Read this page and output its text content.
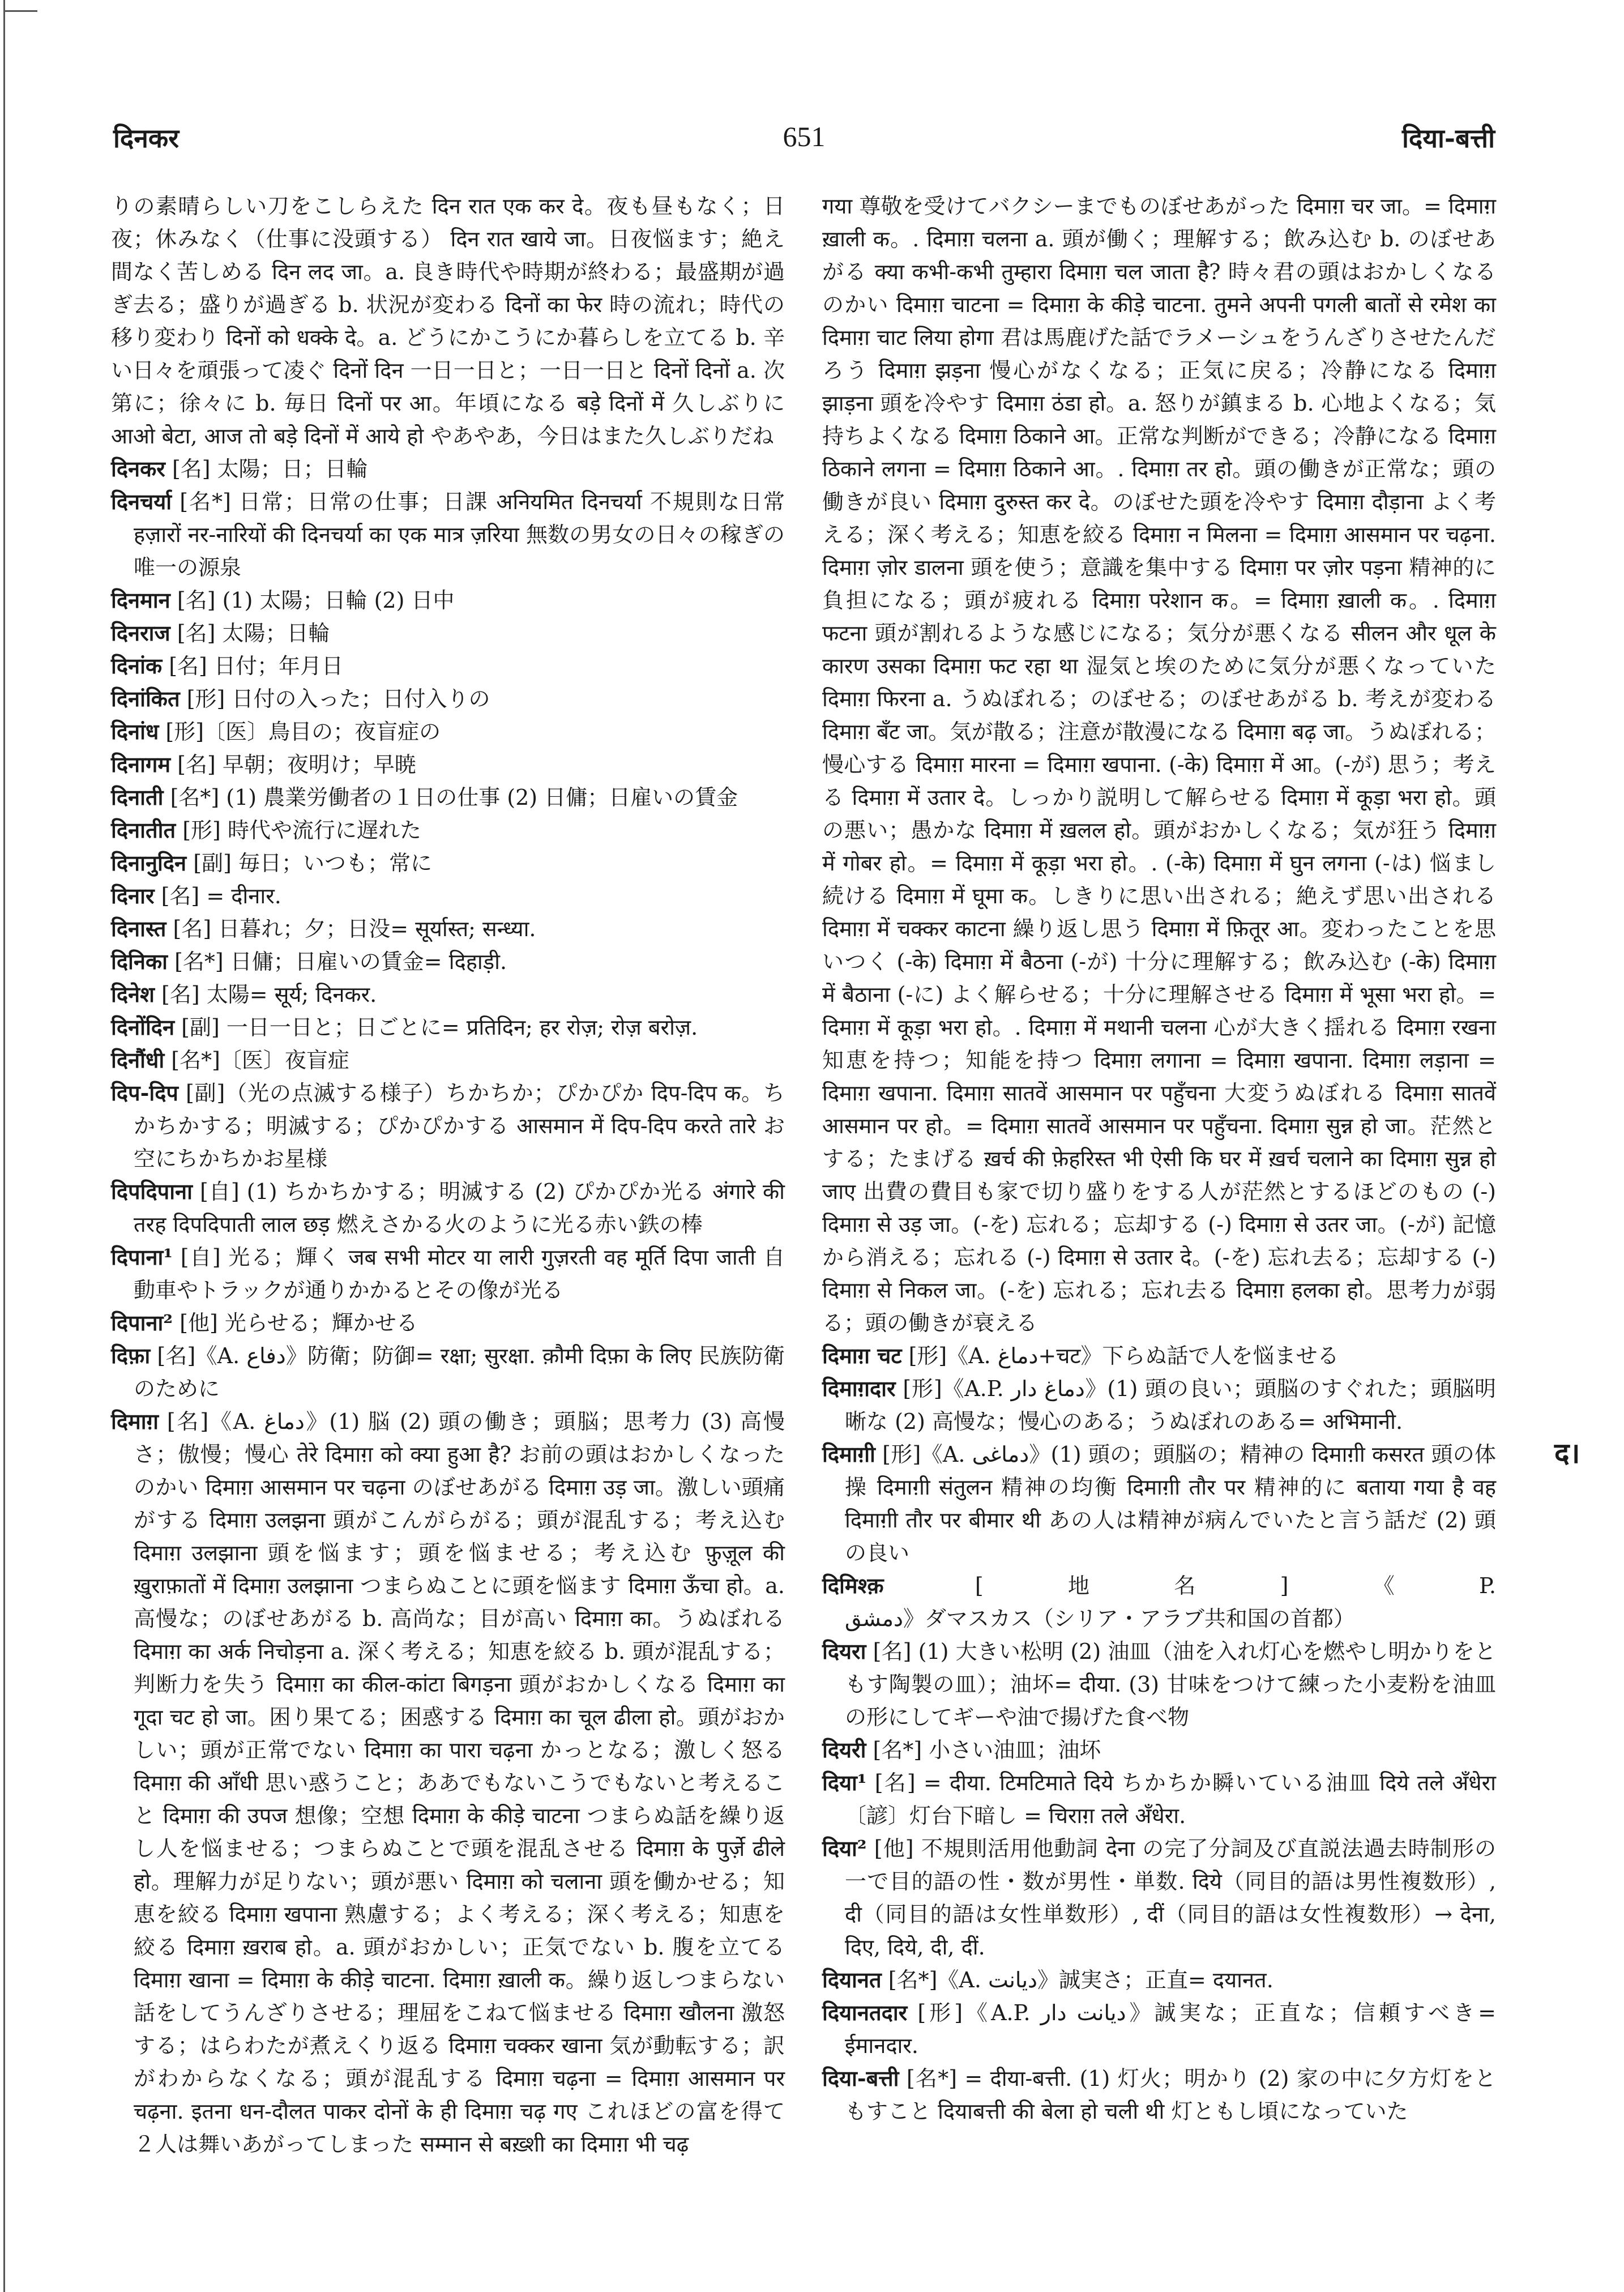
दिनकर	651	दिया-बत्ती

りの素晴らしい刀をこしらえた दिन रात एक कर दे。夜も昼もなく；日夜；休みなく（仕事に没頭する） दिन रात खाये जा。日夜悩ます；絶え間なく苦しめる दिन लद जा。a. 良き時代や時期が終わる；最盛期が過ぎ去る；盛りが過ぎる b. 状況が変わる दिनों का फेर 時の流れ；時代の移り変わり दिनों को धक्के दे。a. どうにかこうにか暮らしを立てる b. 辛い日々を頑張って凌ぐ दिनों दिन 一日一日と；一日一日と दिनों दिनों a. 次第に；徐々に b. 毎日 दिनों पर आ。年頃になる बड़े दिनों में 久しぶりに आओ बेटा, आज तो बड़े दिनों में आये हो やあやあ，今日はまた久しぶりだね

दिनकर [名] 太陽；日；日輪

दिनचर्या [名*] 日常；日常の仕事；日課 अनियमित दिनचर्या 不規則な日常 हज़ारों नर-नारियों की दिनचर्या का एक मात्र ज़रिया 無数の男女の日々の稼ぎの唯一の源泉

दिनमान [名] (1) 太陽；日輪 (2) 日中

दिनराज [名] 太陽；日輪

दिनांक [名] 日付；年月日

दिनांकित [形] 日付の入った；日付入りの

दिनांध [形]〔医〕鳥目の；夜盲症の

दिनागम [名] 早朝；夜明け；早暁

दिनाती [名*] (1) 農業労働者の１日の仕事 (2) 日傭；日雇いの賃金

दिनातीत [形] 時代や流行に遅れた

दिनानुदिन [副] 毎日；いつも；常に

दिनार [名] = दीनार.

दिनास्त [名] 日暮れ；夕；日没= सूर्यास्त; सन्ध्या.

दिनिका [名*] 日傭；日雇いの賃金= दिहाड़ी.

दिनेश [名] 太陽= सूर्य; दिनकर.

दिनोंदिन [副] 一日一日と；日ごとに= प्रतिदिन; हर रोज़; रोज़ बरोज़.

दिनौंधी [名*]〔医〕夜盲症

दिप-दिप [副]（光の点滅する様子）ちかちか；ぴかぴか दिप-दिप क。ちかちかする；明滅する；ぴかぴかする आसमान में दिप-दिप करते तारे お空にちかちかお星様

दिपदिपाना [自] (1) ちかちかする；明滅する (2) ぴかぴか光る अंगारे की तरह दिपदिपाती लाल छड़ 燃えさかる火のように光る赤い鉄の棒

दिपाना¹ [自] 光る；輝く जब सभी मोटर या लारी गुज़रती वह मूर्ति दिपा जाती 自動車やトラックが通りかかるとその像が光る

दिपाना² [他] 光らせる；輝かせる

दिफ़ा [名]《A. دفاع》防衛；防御= रक्षा; सुरक्षा. क़ौमी दिफ़ा के लिए 民族防衛のために

दिमाग़ [名]《A. دماغ》(1) 脳 (2) 頭の働き；頭脳；思考力 (3) 高慢さ；傲慢；慢心 तेरे दिमाग़ को क्या हुआ है? お前の頭はおかしくなったのかい दिमाग़ आसमान पर चढ़ना のぼせあがる दिमाग़ उड़ जा。激しい頭痛がする दिमाग़ उलझना 頭がこんがらがる；頭が混乱する；考え込む दिमाग़ उलझाना 頭を悩ます；頭を悩ませる；考え込む फ़ुज़ूल की ख़ुराफ़ातों में दिमाग़ उलझाना つまらぬことに頭を悩ます दिमाग़ ऊँचा हो。a. 高慢な；のぼせあがる b. 高尚な；目が高い दिमाग़ का。うぬぼれる दिमाग़ का अर्क निचोड़ना a. 深く考える；知恵を絞る b. 頭が混乱する；判断力を失う दिमाग़ का कील-कांटा बिगड़ना 頭がおかしくなる दिमाग़ का गूदा चट हो जा。困り果てる；困惑する दिमाग़ का चूल ढीला हो。頭がおかしい；頭が正常でない दिमाग़ का पारा चढ़ना かっとなる；激しく怒る दिमाग़ की आँधी 思い惑うこと；ああでもないこうでもないと考えること दिमाग़ की उपज 想像；空想 दिमाग़ के कीड़े चाटना つまらぬ話を繰り返し人を悩ませる；つまらぬことで頭を混乱させる दिमाग़ के पुर्ज़े ढीले हो。理解力が足りない；頭が悪い दिमाग़ को चलाना 頭を働かせる；知恵を絞る दिमाग़ खपाना 熟慮する；よく考える；深く考える；知恵を絞る दिमाग़ ख़राब हो。a. 頭がおかしい；正気でない b. 腹を立てる दिमाग़ खाना = दिमाग़ के कीड़े चाटना. दिमाग़ ख़ाली क。繰り返しつまらない話をしてうんざりさせる；理屈をこねて悩ませる दिमाग़ खौलना 激怒する；はらわたが煮えくり返る दिमाग़ चक्कर खाना 気が動転する；訳がわからなくなる；頭が混乱する दिमाग़ चढ़ना = दिमाग़ आसमान पर चढ़ना. इतना धन-दौलत पाकर दोनों के ही दिमाग़ चढ़ गए これほどの富を得て２人は舞いあがってしまった सम्मान से बख़्शी का दिमाग़ भी चढ़

गया 尊敬を受けてバクシーまでものぼせあがった दिमाग़ चर जा。= दिमाग़ ख़ाली क。. दिमाग़ चलना a. 頭が働く；理解する；飲み込む b. のぼせあがる क्या कभी-कभी तुम्हारा दिमाग़ चल जाता है? 時々君の頭はおかしくなるのかい दिमाग़ चाटना = दिमाग़ के कीड़े चाटना. तुमने अपनी पगली बातों से रमेश का दिमाग़ चाट लिया होगा 君は馬鹿げた話でラメーシュをうんざりさせたんだろう दिमाग़ झड़ना 慢心がなくなる；正気に戻る；冷静になる दिमाग़ झाड़ना 頭を冷やす दिमाग़ ठंडा हो。a. 怒りが鎮まる b. 心地よくなる；気持ちよくなる दिमाग़ ठिकाने आ。正常な判断ができる；冷静になる दिमाग़ ठिकाने लगना = दिमाग़ ठिकाने आ。. दिमाग़ तर हो。頭の働きが正常な；頭の働きが良い दिमाग़ दुरुस्त कर दे。のぼせた頭を冷やす दिमाग़ दौड़ाना よく考える；深く考える；知恵を絞る दिमाग़ न मिलना = दिमाग़ आसमान पर चढ़ना. दिमाग़ ज़ोर डालना 頭を使う；意識を集中する दिमाग़ पर ज़ोर पड़ना 精神的に負担になる；頭が疲れる दिमाग़ परेशान क。= दिमाग़ ख़ाली क。. दिमाग़ फटना 頭が割れるような感じになる；気分が悪くなる सीलन और धूल के कारण उसका दिमाग़ फट रहा था 湿気と埃のために気分が悪くなっていた दिमाग़ फिरना a. うぬぼれる；のぼせる；のぼせあがる b. 考えが変わる दिमाग़ बँट जा。気が散る；注意が散漫になる दिमाग़ बढ़ जा。うぬぼれる；慢心する दिमाग़ मारना = दिमाग़ खपाना. (-के) दिमाग़ में आ。(-が) 思う；考える दिमाग़ में उतार दे。しっかり説明して解らせる दिमाग़ में कूड़ा भरा हो。頭の悪い；愚かな दिमाग़ में ख़लल हो。頭がおかしくなる；気が狂う दिमाग़ में गोबर हो。= दिमाग़ में कूड़ा भरा हो。. (-के) दिमाग़ में घुन लगना (-は) 悩まし続ける दिमाग़ में घूमा क。しきりに思い出される；絶えず思い出される दिमाग़ में चक्कर काटना 繰り返し思う दिमाग़ में फ़ितूर आ。変わったことを思いつく (-के) दिमाग़ में बैठना (-が) 十分に理解する；飲み込む (-के) दिमाग़ में बैठाना (-に) よく解らせる；十分に理解させる दिमाग़ में भूसा भरा हो。= दिमाग़ में कूड़ा भरा हो。. दिमाग़ में मथानी चलना 心が大きく揺れる दिमाग़ रखना 知恵を持つ；知能を持つ दिमाग़ लगाना = दिमाग़ खपाना. दिमाग़ लड़ाना = दिमाग़ खपाना. दिमाग़ सातवें आसमान पर पहुँचना 大変うぬぼれる दिमाग़ सातवें आसमान पर हो。= दिमाग़ सातवें आसमान पर पहुँचना. दिमाग़ सुन्न हो जा。茫然とする；たまげる ख़र्च की फ़ेहरिस्त भी ऐसी कि घर में ख़र्च चलाने का दिमाग़ सुन्न हो जाए 出費の費目も家で切り盛りをする人が茫然とするほどのもの (-) दिमाग़ से उड़ जा。(-を) 忘れる；忘却する (-) दिमाग़ से उतर जा。(-が) 記憶から消える；忘れる (-) दिमाग़ से उतार दे。(-を) 忘れ去る；忘却する (-) दिमाग़ से निकल जा。(-を) 忘れる；忘れ去る दिमाग़ हलका हो。思考力が弱る；頭の働きが衰える

दिमाग़ चट [形]《A. دماغ+चट》下らぬ話で人を悩ませる

दिमाग़दार [形]《A.P. دماغ دار》(1) 頭の良い；頭脳のすぐれた；頭脳明晰な (2) 高慢な；慢心のある；うぬぼれのある= अभिमानी.

दिमाग़ी [形]《A. دماغی》(1) 頭の；頭脳の；精神の दिमाग़ी कसरत 頭の体操 दिमाग़ी संतुलन 精神の均衡 दिमाग़ी तौर पर 精神的に बताया गया है वह दिमाग़ी तौर पर बीमार थी あの人は精神が病んでいたと言う話だ (2) 頭の良い

दिमिश्क़	[地名]《P. دمشق》ダマスカス（シリア・アラブ共和国の首都）

दियरा [名] (1) 大きい松明 (2) 油皿（油を入れ灯心を燃やし明かりをともす陶製の皿）；油坏= दीया. (3) 甘味をつけて練った小麦粉を油皿の形にしてギーや油で揚げた食べ物

दियरी [名*] 小さい油皿；油坏

दिया¹ [名] = दीया. टिमटिमाते दिये ちかちか瞬いている油皿 दिये तले अँधेरा〔諺〕灯台下暗し = चिराग़ तले अँधेरा.

दिया² [他] 不規則活用他動詞 देना の完了分詞及び直説法過去時制形の一で目的語の性・数が男性・単数. दिये（同目的語は男性複数形）, दी（同目的語は女性単数形）, दीं（同目的語は女性複数形）→ देना, दिए, दिये, दी, दीं.

दियानत [名*]《A. دیانت》誠実さ；正直= दयानत.

दियानतदार [形]《A.P. دیانت دار》誠実な；正直な；信頼すべき= ईमानदार.

दिया-बत्ती [名*] = दीया-बत्ती. (1) 灯火；明かり (2) 家の中に夕方灯をともすこと दियाबत्ती की बेला हो चली थी 灯ともし頃になっていた

द।
